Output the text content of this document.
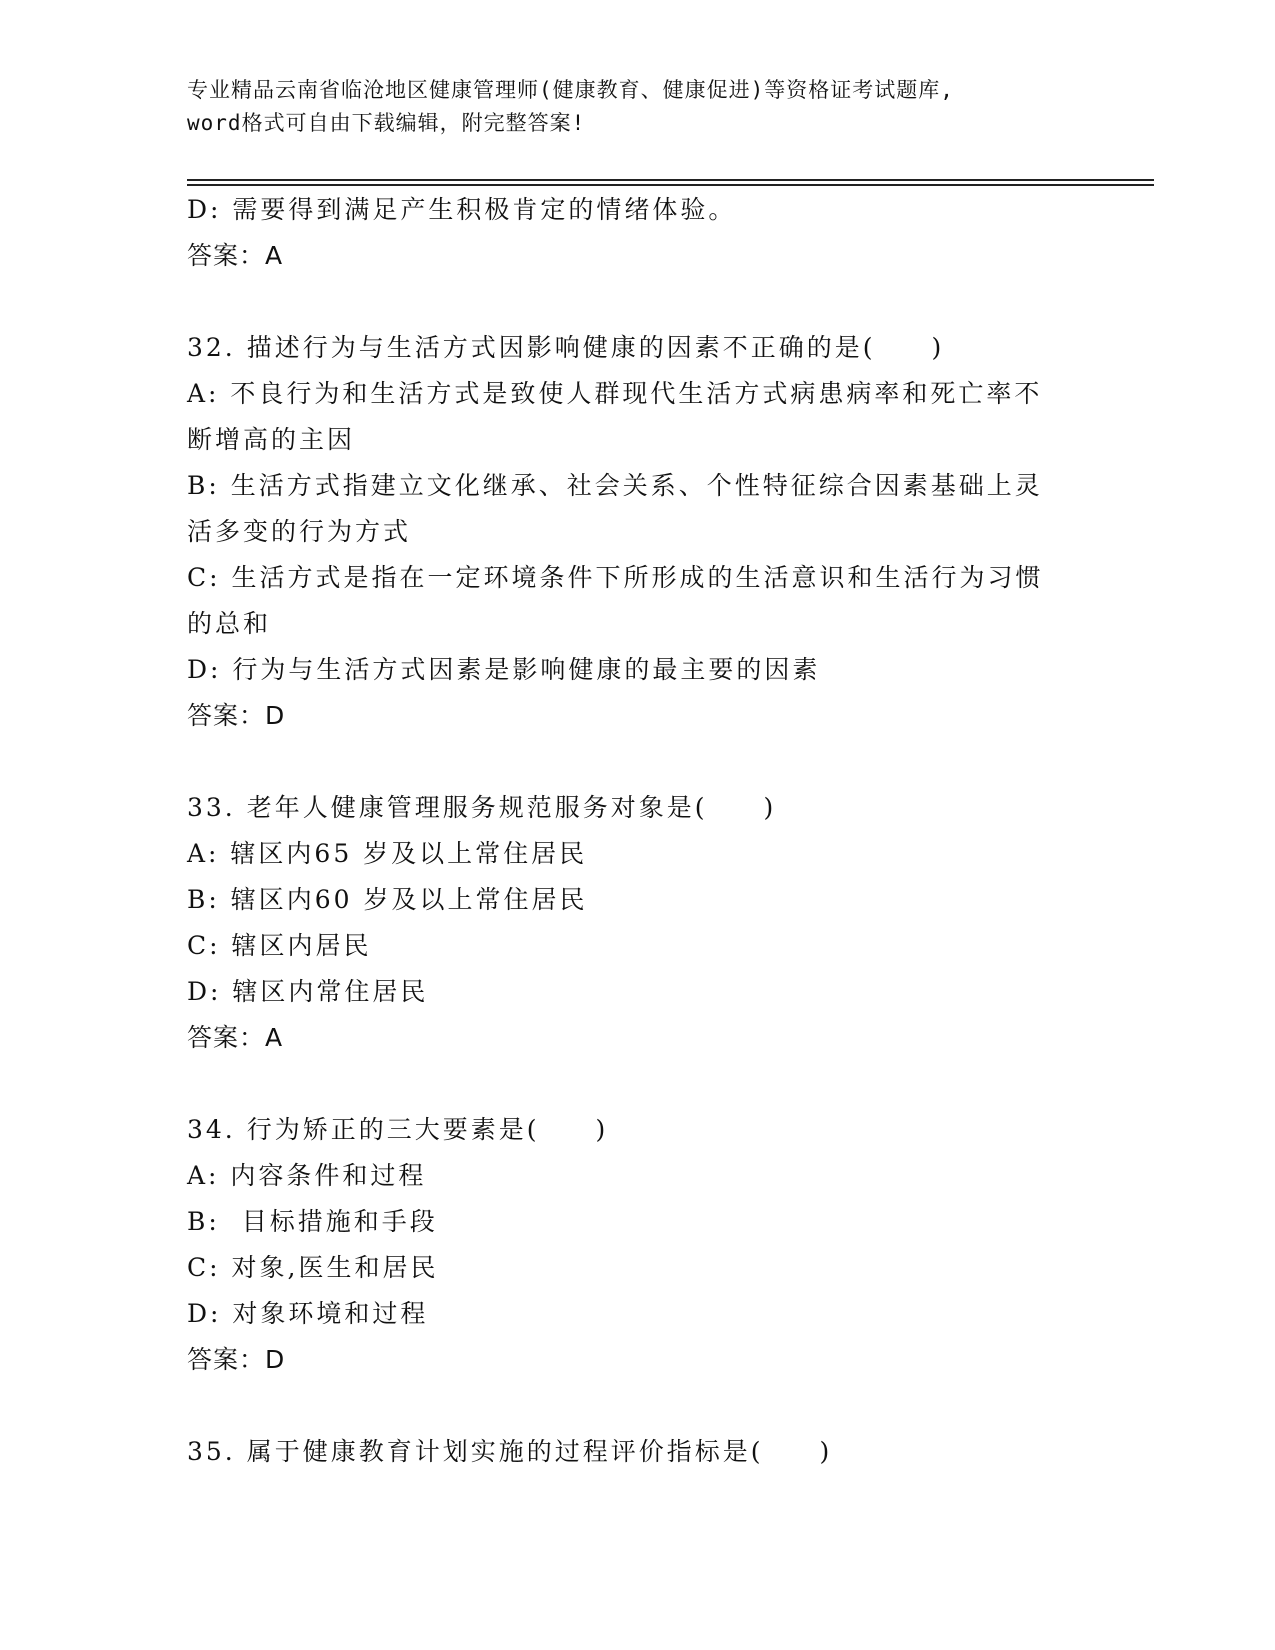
专业精品云南省临沧地区健康管理师(健康教育、健康促进)等资格证考试题库,
word格式可自由下载编辑，附完整答案!

D: 需要得到满足产生积极肯定的情绪体验。

答案：A

32. 描述行为与生活方式因影响健康的因素不正确的是(　　)

A: 不良行为和生活方式是致使人群现代生活方式病患病率和死亡率不

断增高的主因

B: 生活方式指建立文化继承、社会关系、个性特征综合因素基础上灵

活多变的行为方式

C: 生活方式是指在一定环境条件下所形成的生活意识和生活行为习惯

的总和

D: 行为与生活方式因素是影响健康的最主要的因素

答案：D

33. 老年人健康管理服务规范服务对象是(　　)

A: 辖区内65 岁及以上常住居民

B: 辖区内60 岁及以上常住居民

C: 辖区内居民

D: 辖区内常住居民

答案：A

34. 行为矫正的三大要素是(　　)

A: 内容条件和过程

B:  目标措施和手段

C: 对象,医生和居民

D: 对象环境和过程

答案：D

35. 属于健康教育计划实施的过程评价指标是(　　)
